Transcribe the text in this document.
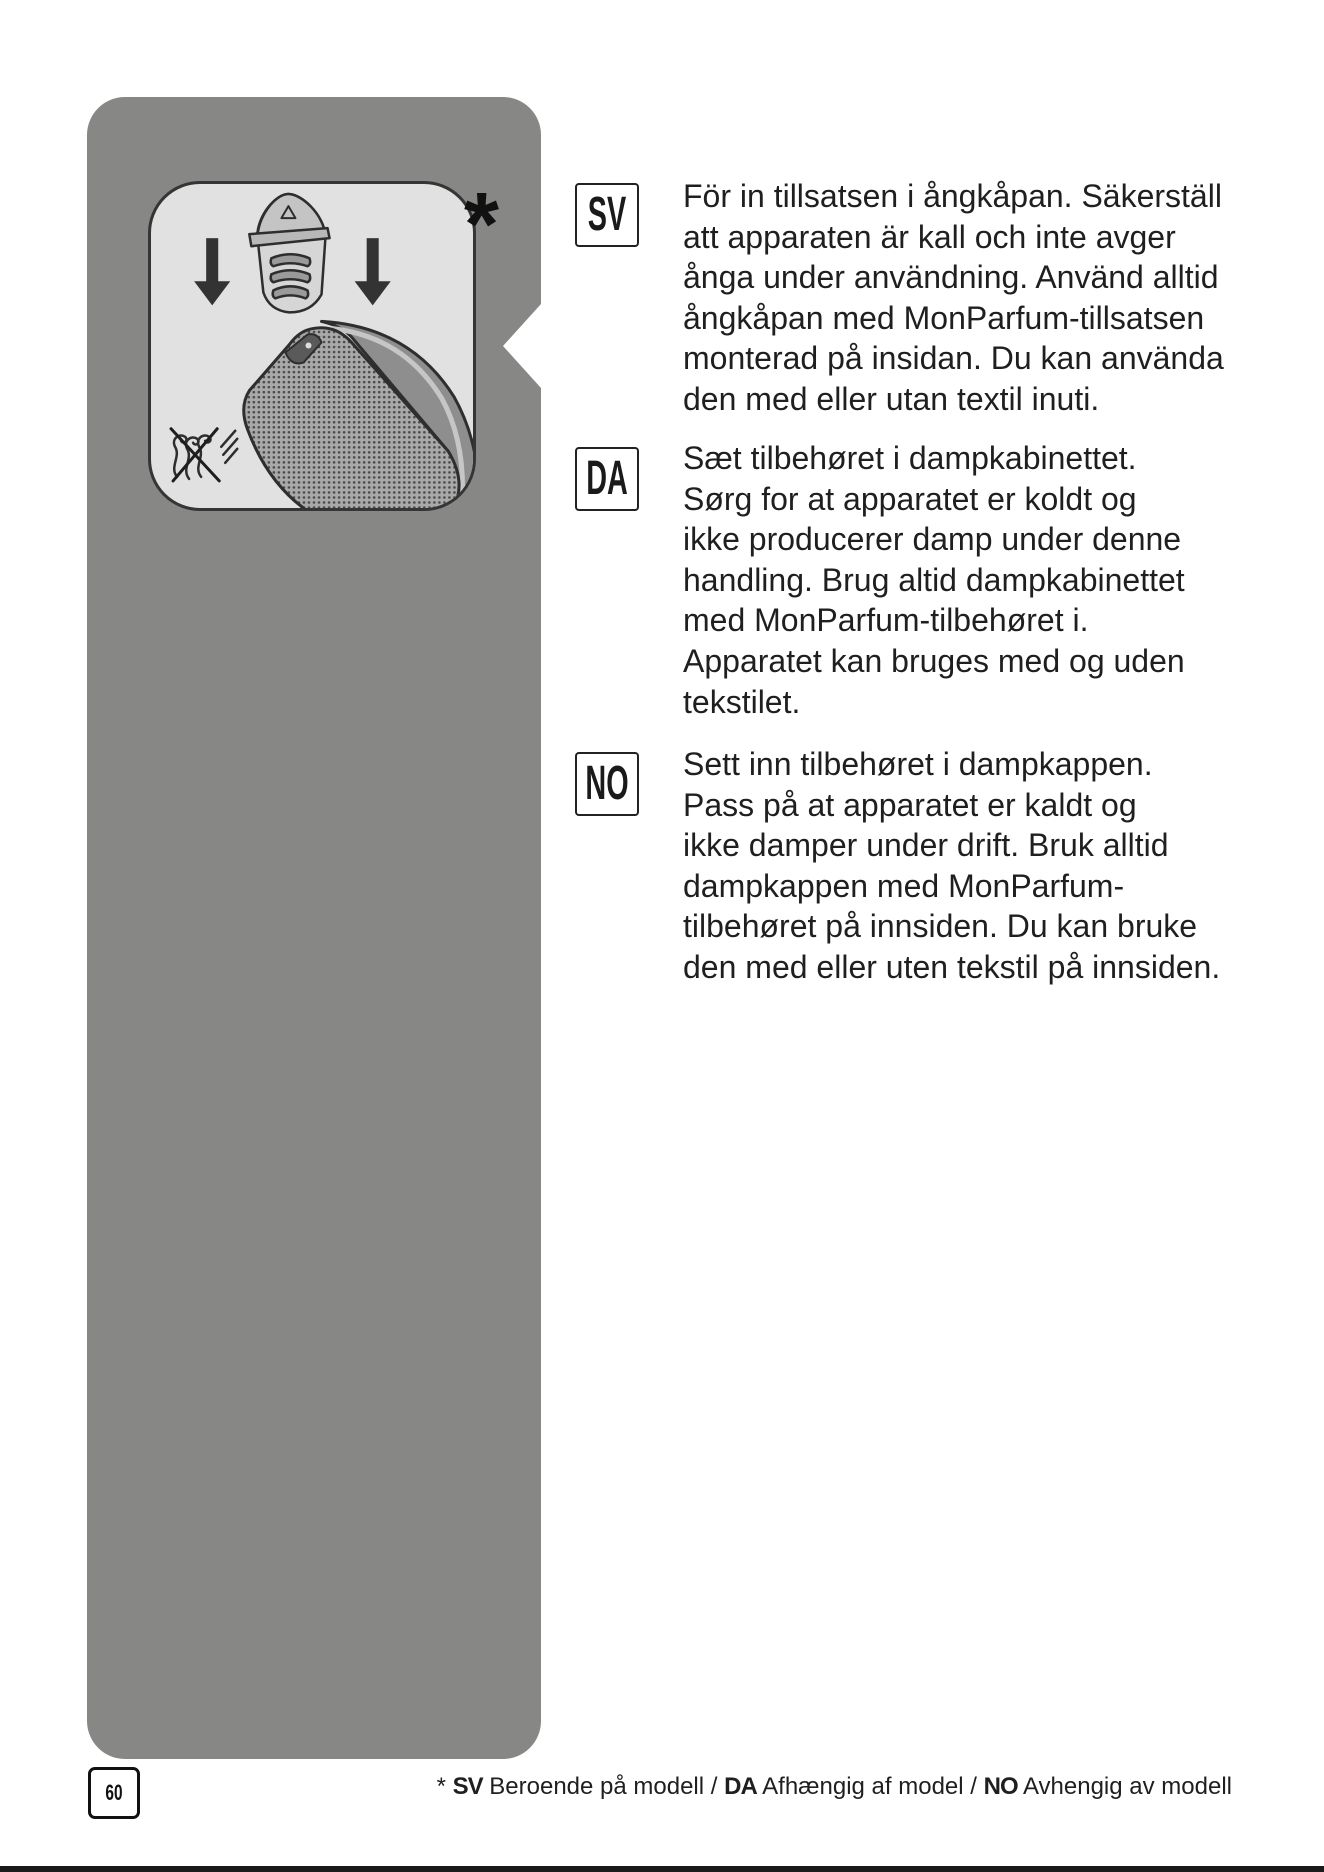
* SV För in tillsatsen i ångkåpan. Säkerställ
att apparaten är kall och inte avger
ånga under användning. Använd alltid
ångkåpan med MonParfum-tillsatsen
monterad på insidan. Du kan använda
den med eller utan textil inuti.
DA Sæt tilbehøret i dampkabinettet.
Sørg for at apparatet er koldt og
ikke producerer damp under denne
handling. Brug altid dampkabinettet
med MonParfum-tilbehøret i.
Apparatet kan bruges med og uden
tekstilet.
NO Sett inn tilbehøret i dampkappen.
Pass på at apparatet er kaldt og
ikke damper under drift. Bruk alltid
dampkappen med MonParfum-
tilbehøret på innsiden. Du kan bruke
den med eller uten tekstil på innsiden.
60	* SV Beroende på modell / DA Afhængig af model / NO Avhengig av modell
